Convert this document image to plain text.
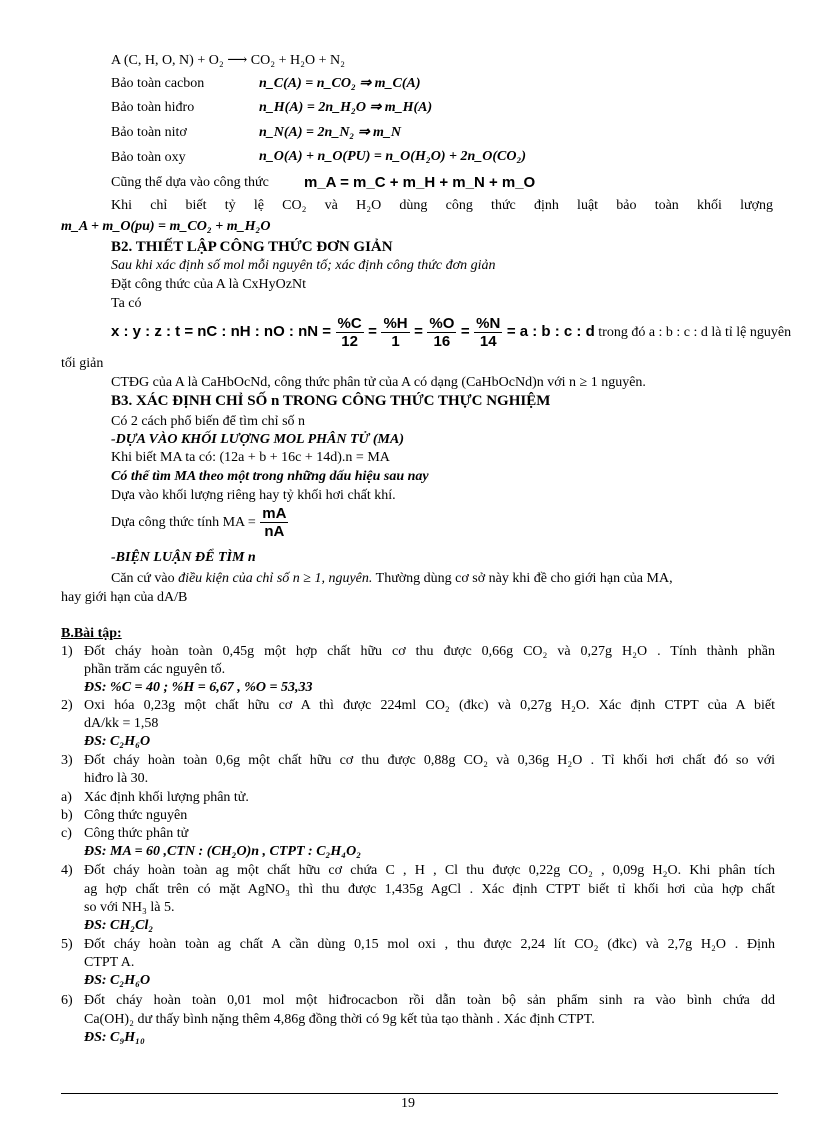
A (C, H, O, N) + O₂ ⟶ CO₂ + H₂O + N₂
Bảo toàn cacbon	n_C(A) = n_CO₂ ⇒ m_C(A)
Bảo toàn hiđro	n_H(A) = 2n_H₂O ⇒ m_H(A)
Bảo toàn nitơ	n_N(A) = 2n_N₂ ⇒ m_N
Bảo toàn oxy	n_O(A) + n_O(PU) = n_O(H₂O) + 2n_O(CO₂)
Cũng thể dựa vào công thức m_A = m_C + m_H + m_N + m_O
Khi chỉ biết tỷ lệ CO₂ và H₂O dùng công thức định luật bảo toàn khối lượng
m_A + m_O(pu) = m_CO₂ + m_H₂O
B2. THIẾT LẬP CÔNG THỨC ĐƠN GIẢN
Sau khi xác định số mol mỗi nguyên tố; xác định công thức đơn giản
Đặt công thức của A là CxHyOzNt
Ta có
x : y : z : t = nC : nH : nO : nN = $\frac{\%C}{12} = \frac{\%H}{1} = \frac{\%O}{16} = \frac{\%N}{14} = a$ : b : c : d trong đó a : b : c : d là tỉ lệ nguyên
tối giản
CTĐG của A là CaHbOcNd, công thức phân tử của A có dạng (CaHbOcNd)n với n ≥ 1 nguyên.
B3. XÁC ĐỊNH CHỈ SỐ n TRONG CÔNG THỨC THỰC NGHIỆM
Có 2 cách phổ biến để tìm chỉ số n
-DỰA VÀO KHỐI LƯỢNG MOL PHÂN TỬ (MA)
Khi biết MA ta có: (12a + b + 16c + 14d).n = MA
Có thể tìm MA theo một trong những dấu hiệu sau nay
Dựa vào khối lượng riêng hay tỷ khối hơi chất khí.
Dựa công thức tính MA = $\frac{mA}{nA}$
-BIỆN LUẬN ĐỂ TÌM n
Căn cứ vào điều kiện của chỉ số n ≥ 1, nguyên. Thường dùng cơ sở này khi đề cho giới hạn của MA,
hay giới hạn của dA/B
B.Bài tập:
1) Đốt cháy hoàn toàn 0,45g một hợp chất hữu cơ thu được 0,66g CO₂ và 0,27g H₂O . Tính thành phần
phần trăm các nguyên tố.
ĐS: %C = 40 ; %H = 6,67 , %O = 53,33
2) Oxi hóa 0,23g một chất hữu cơ A thì được 224ml CO₂ (đkc) và 0,27g H₂O. Xác định CTPT của A biết
dA/kk = 1,58
ĐS: C₂H₆O
3) Đốt cháy hoàn toàn 0,6g một chất hữu cơ thu được 0,88g CO₂ và 0,36g H₂O . Tỉ khối hơi chất đó so với
hiđro là 30.
a) Xác định khối lượng phân tử.
b) Công thức nguyên
c) Công thức phân tử
ĐS: MA = 60 ,CTN : (CH₂O)n , CTPT : C₂H₄O₂
4) Đốt cháy hoàn toàn ag một chất hữu cơ chứa C , H , Cl thu được 0,22g CO₂ , 0,09g H₂O. Khi phân tích
ag hợp chất trên có mặt AgNO₃ thì thu được 1,435g AgCl . Xác định CTPT biết tỉ khối hơi của hợp chất
so với NH₃ là 5.
ĐS: CH₂Cl₂
5) Đốt cháy hoàn toàn ag chất A cần dùng 0,15 mol oxi , thu được 2,24 lít CO₂ (đkc) và 2,7g H₂O . Định
CTPT A.
ĐS: C₂H₆O
6) Đốt cháy hoàn toàn 0,01 mol một hiđrocacbon rồi dẫn toàn bộ sản phẩm sinh ra vào bình chứa dd
Ca(OH)₂ dư thấy bình nặng thêm 4,86g đồng thời có 9g kết tủa tạo thành . Xác định CTPT.
ĐS: C₉H₁₀
19
